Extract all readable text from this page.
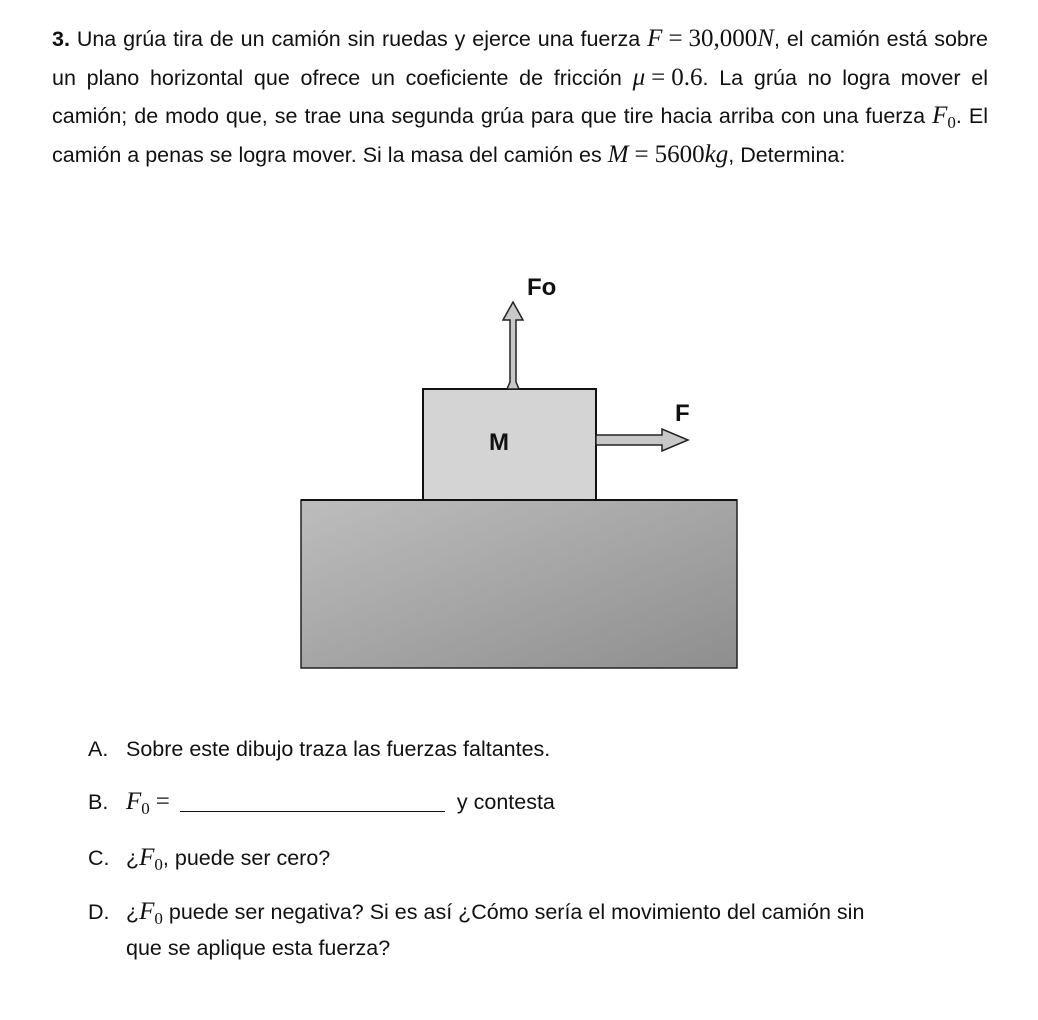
3. Una grúa tira de un camión sin ruedas y ejerce una fuerza F = 30,000N, el camión está sobre un plano horizontal que ofrece un coeficiente de fricción μ = 0.6. La grúa no logra mover el camión; de modo que, se trae una segunda grúa para que tire hacia arriba con una fuerza $F_0$. El camión a penas se logra mover. Si la masa del camión es M = 5600kg, Determina:
M
Fo
F
A. Sobre este dibujo traza las fuerzas faltantes.
B. $F_0$ =	y contesta
C. ¿$F_0$, puede ser cero?
D. ¿$F_0$ puede ser negativa? Si es así ¿Cómo sería el movimiento del camión sin
que se aplique esta fuerza?
